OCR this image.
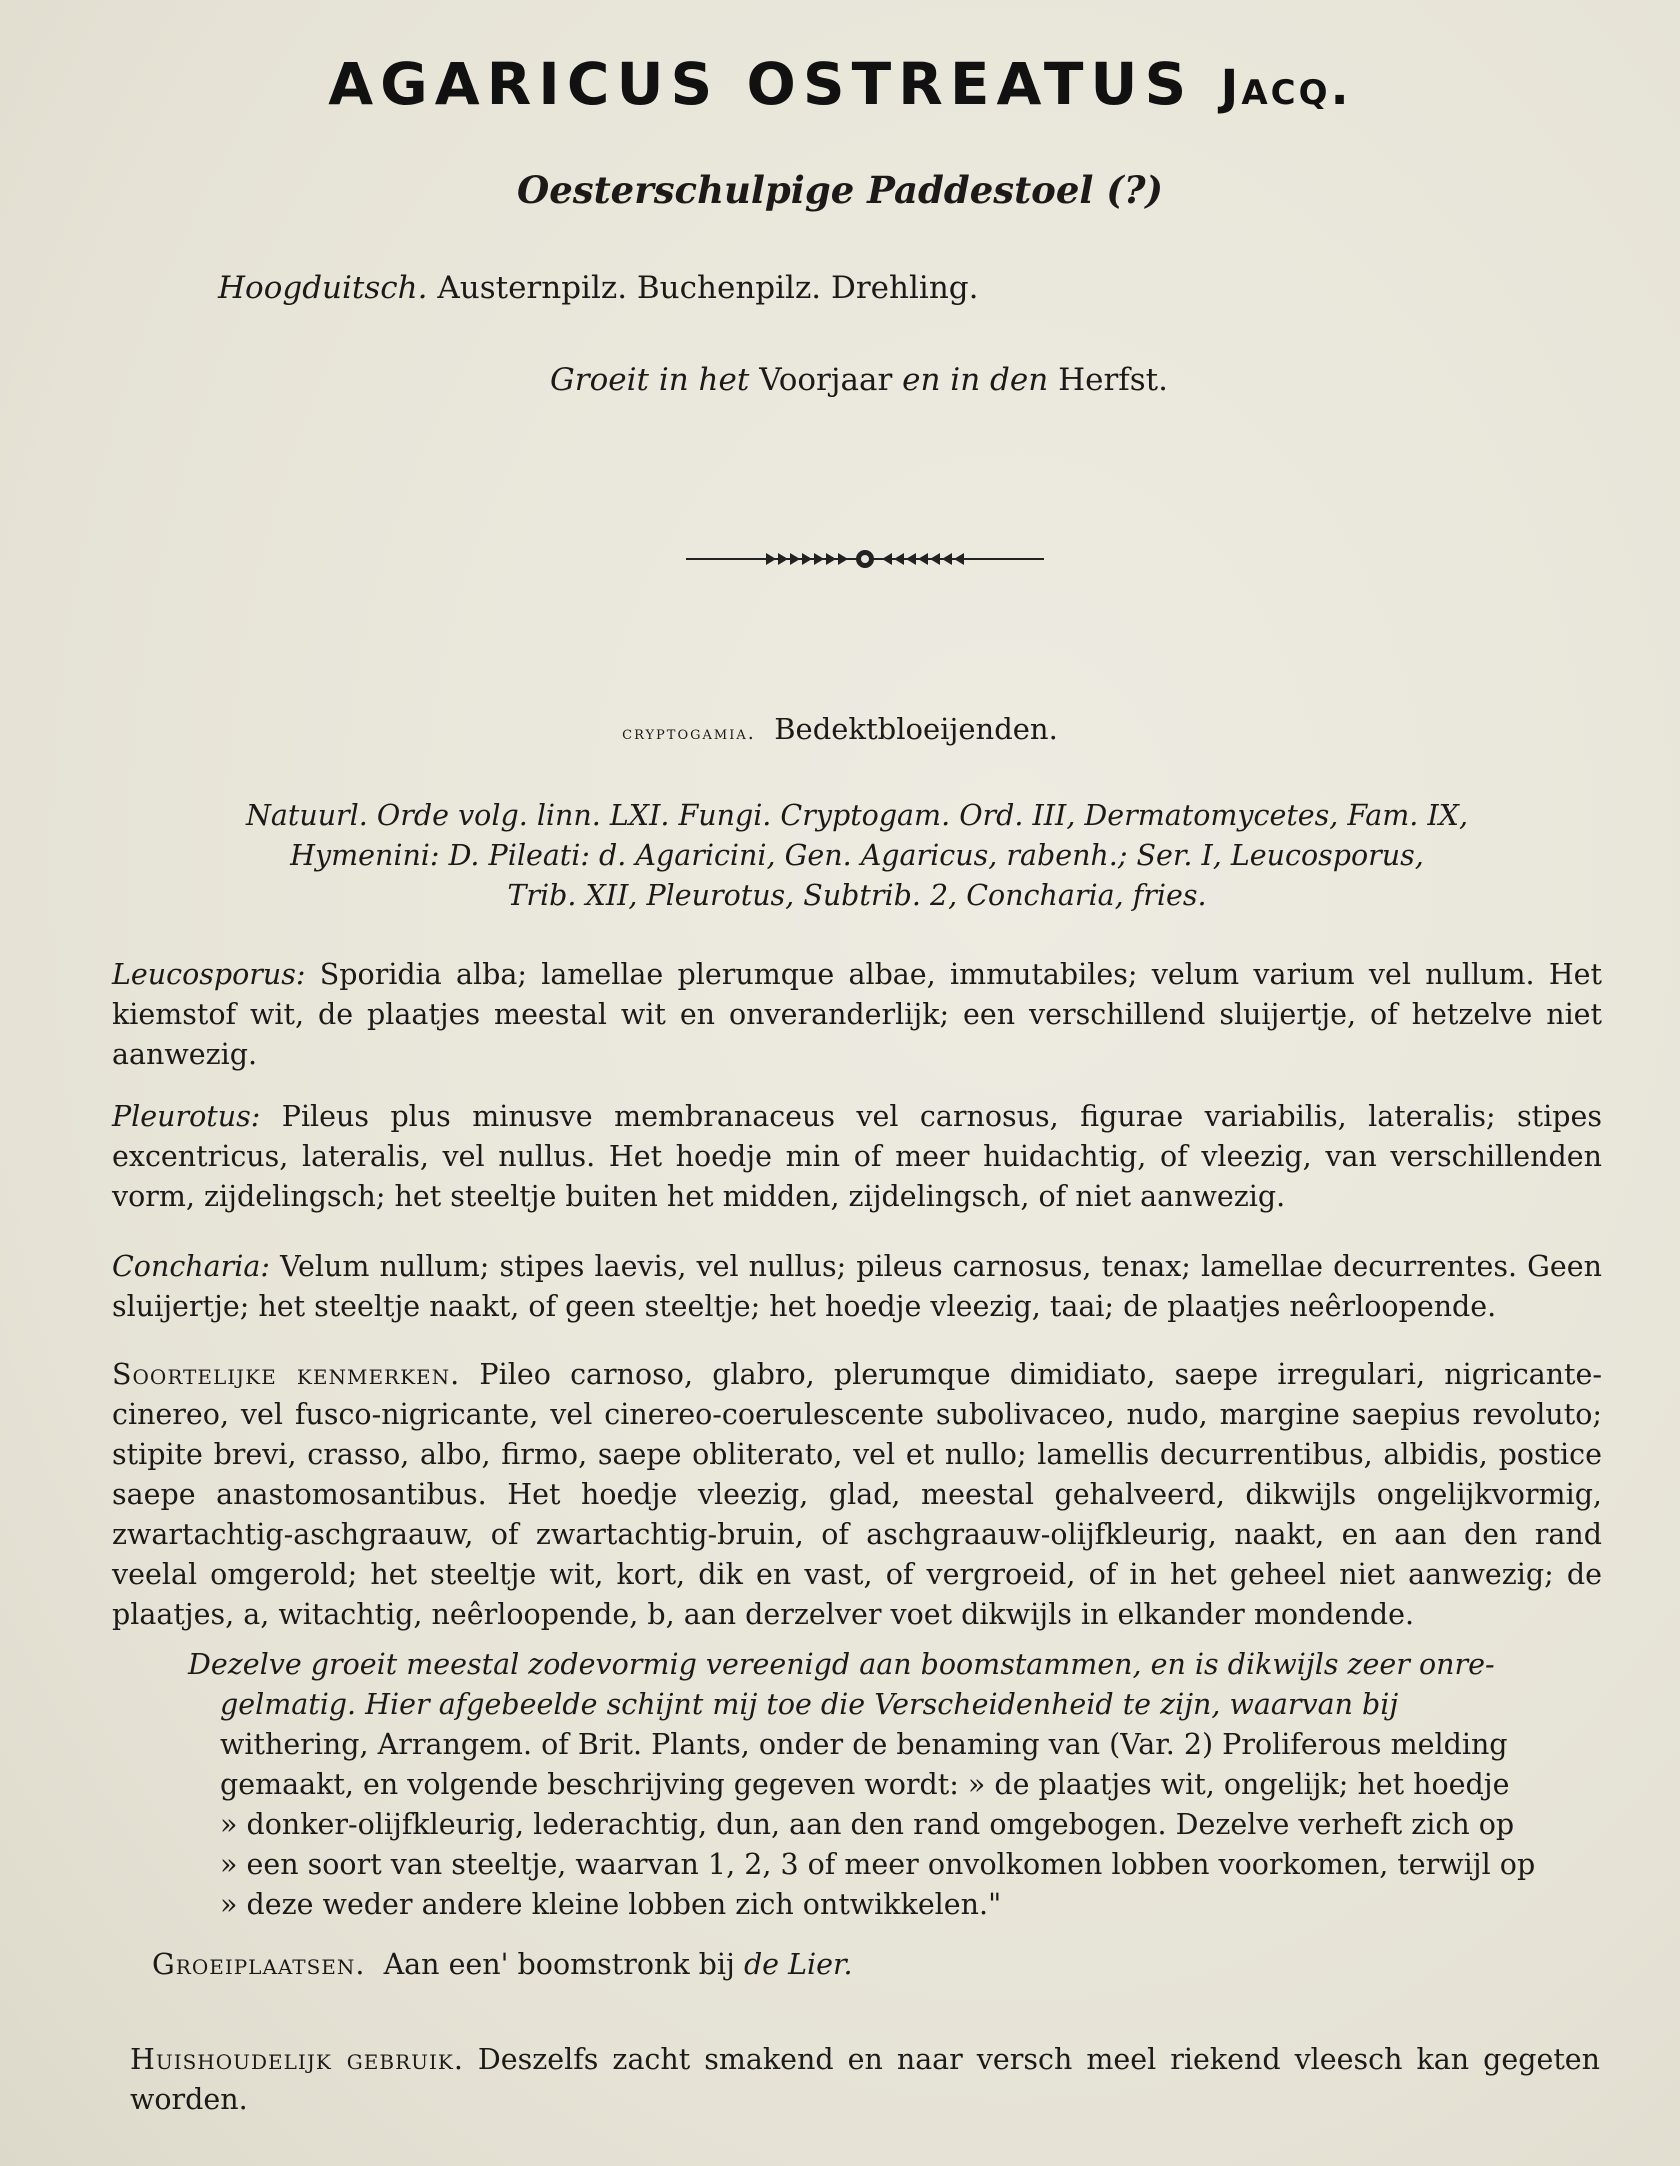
AGARICUS OSTREATUS Jacq.
Oesterschulpige Paddestoel (?)
Hoogduitsch. Austernpilz. Buchenpilz. Drehling.
Groeit in het Voorjaar en in den Herfst.
cryptogamia. Bedektbloeijenden.
Natuurl. Orde volg. linn. LXI. Fungi. Cryptogam. Ord. III, Dermatomycetes, Fam. IX,
Hymenini: D. Pileati: d. Agaricini, Gen. Agaricus, rabenh.; Ser. I, Leucosporus,
Trib. XII, Pleurotus, Subtrib. 2, Concharia, fries.
Leucosporus: Sporidia alba; lamellae plerumque albae, immutabiles; velum varium vel nullum. Het kiemstof wit, de plaatjes meestal wit en onveranderlijk; een verschillend sluijertje, of hetzelve niet aanwezig.
Pleurotus: Pileus plus minusve membranaceus vel carnosus, figurae variabilis, lateralis; stipes excentricus, lateralis, vel nullus. Het hoedje min of meer huidachtig, of vleezig, van verschillenden vorm, zijdelingsch; het steeltje buiten het midden, zijdelingsch, of niet aanwezig.
Concharia: Velum nullum; stipes laevis, vel nullus; pileus carnosus, tenax; lamellae decurrentes. Geen sluijertje; het steeltje naakt, of geen steeltje; het hoedje vleezig, taai; de plaatjes neêrloopende.
Soortelijke kenmerken. Pileo carnoso, glabro, plerumque dimidiato, saepe irregulari, nigricante-cinereo, vel fusco-nigricante, vel cinereo-coerulescente subolivaceo, nudo, margine saepius revoluto; stipite brevi, crasso, albo, firmo, saepe obliterato, vel et nullo; lamellis decurrentibus, albidis, postice saepe anastomosantibus. Het hoedje vleezig, glad, meestal gehalveerd, dikwijls ongelijkvormig, zwartachtig-aschgraauw, of zwartachtig-bruin, of aschgraauw-olijfkleurig, naakt, en aan den rand veelal omgerold; het steeltje wit, kort, dik en vast, of vergroeid, of in het geheel niet aanwezig; de plaatjes, a, witachtig, neêrloopende, b, aan derzelver voet dikwijls in elkander mondende.
Dezelve groeit meestal zodevormig vereenigd aan boomstammen, en is dikwijls zeer onre-
gelmatig. Hier afgebeelde schijnt mij toe die Verscheidenheid te zijn, waarvan bij
withering, Arrangem. of Brit. Plants, onder de benaming van (Var. 2) Proliferous melding
gemaakt, en volgende beschrijving gegeven wordt: » de plaatjes wit, ongelijk; het hoedje
» donker-olijfkleurig, lederachtig, dun, aan den rand omgebogen. Dezelve verheft zich op
» een soort van steeltje, waarvan 1, 2, 3 of meer onvolkomen lobben voorkomen, terwijl op
» deze weder andere kleine lobben zich ontwikkelen."
Groeiplaatsen. Aan een' boomstronk bij de Lier.
Huishoudelijk gebruik. Deszelfs zacht smakend en naar versch meel riekend vleesch kan gegeten worden.
